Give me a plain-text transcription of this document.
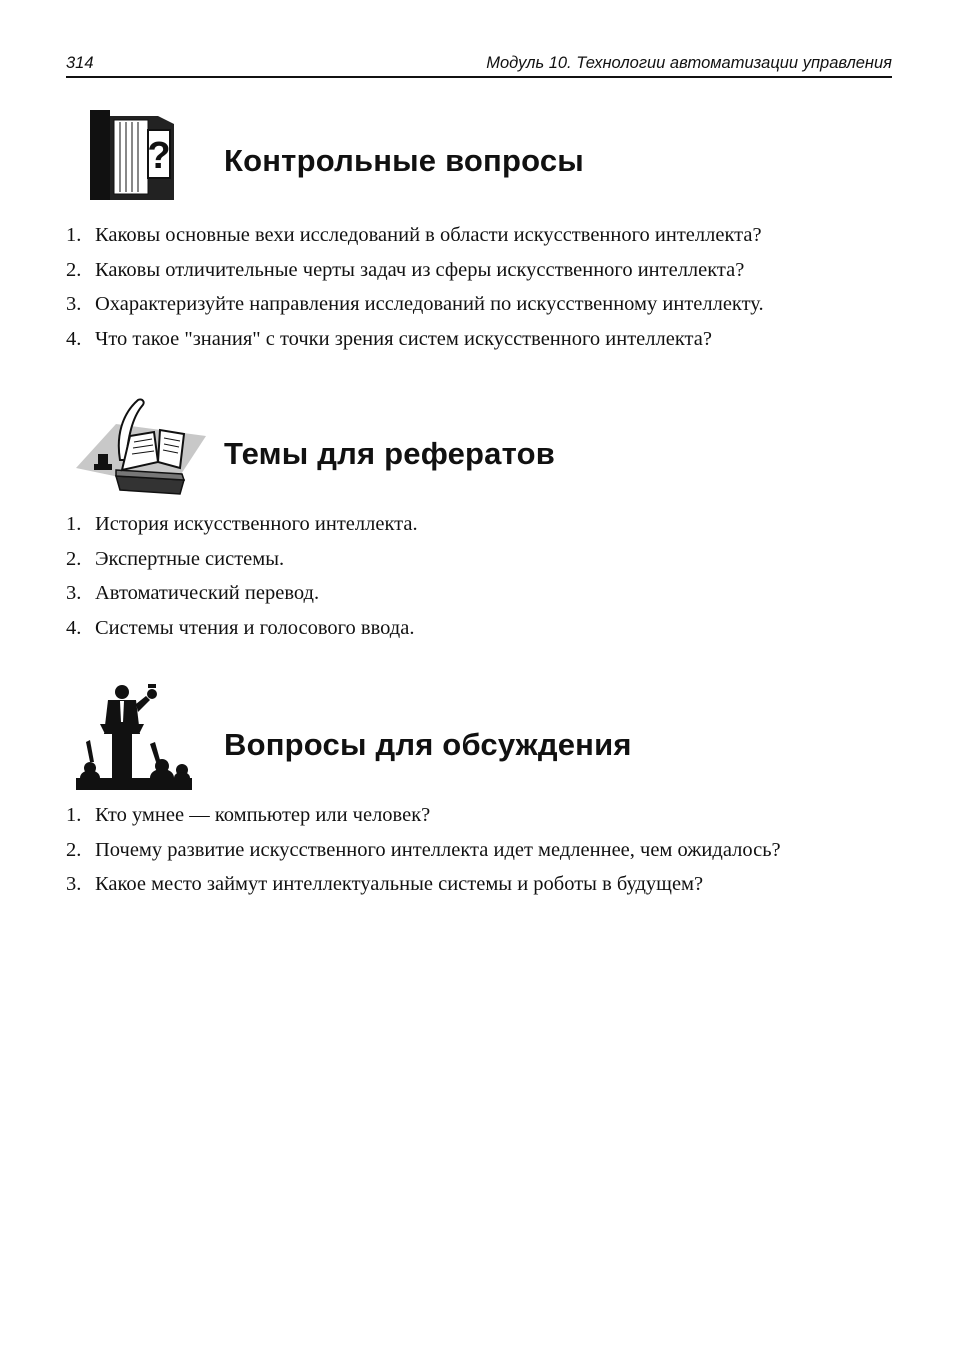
314	Модуль 10. Технологии автоматизации управления
? Контрольные вопросы
1. Каковы основные вехи исследований в области искусственного интеллекта?
2. Каковы отличительные черты задач из сферы искусственного интеллекта?
3. Охарактеризуйте направления исследований по искусственному интеллекту.
4. Что такое "знания" с точки зрения систем искусственного интеллекта?
Темы для рефератов
1. История искусственного интеллекта.
2. Экспертные системы.
3. Автоматический перевод.
4. Системы чтения и голосового ввода.
Вопросы для обсуждения
1. Кто умнее — компьютер или человек?
2. Почему развитие искусственного интеллекта идет медленнее, чем ожидалось?
3. Какое место займут интеллектуальные системы и роботы в будущем?
